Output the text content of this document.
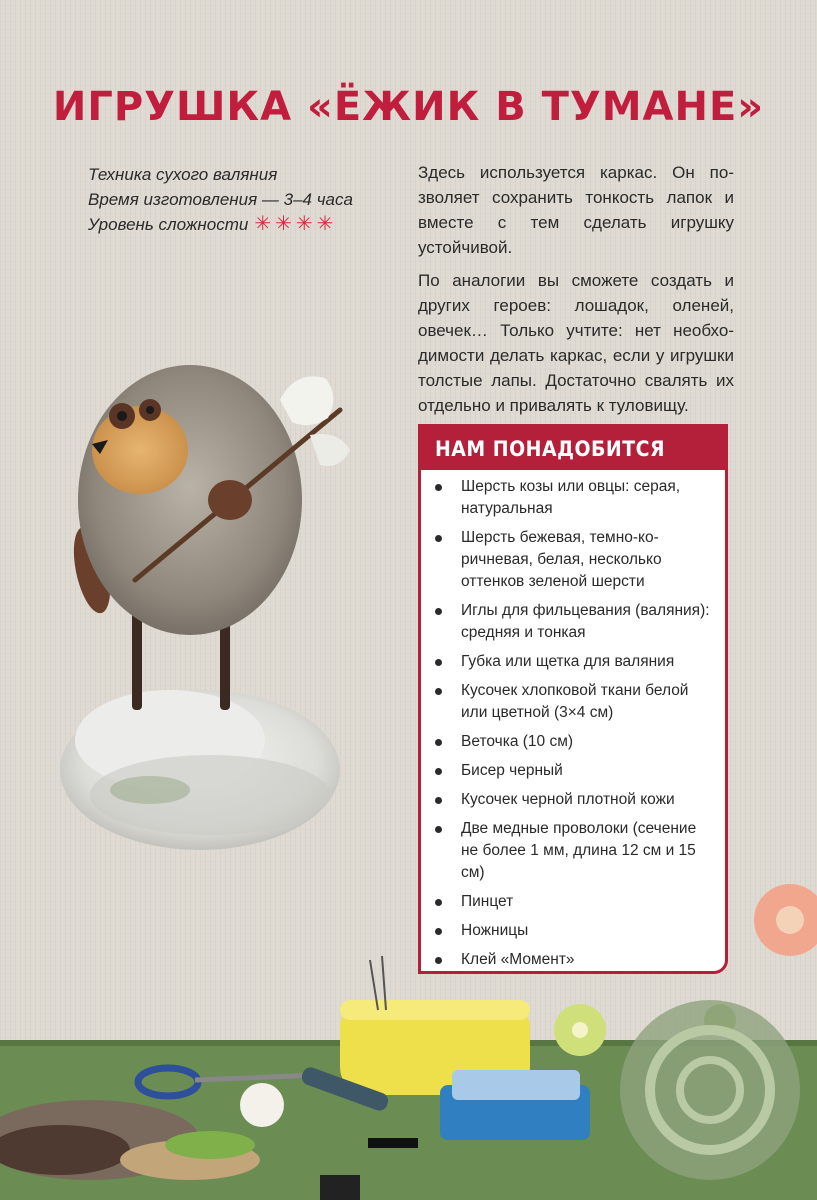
ИГРУШКА «ЁЖИК В ТУМАНЕ»
Техника сухого валяния
Время изготовления — 3–4 часа
Уровень сложности ✳✳✳✳

Здесь используется каркас. Он позволяет сохранить тонкость лапок и вместе с тем сделать игрушку устойчивой.

По аналогии вы сможете создать и других героев: лошадок, оленей, овечек… Только учтите: нет необходимости делать каркас, если у игрушки толстые лапы. Достаточно свалять их отдельно и привалять к туловищу.

НАМ ПОНАДОБИТСЯ
Шерсть козы или овцы: серая, натуральная
Шерсть бежевая, темно-коричневая, белая, несколько оттенков зеленой шерсти
Иглы для фильцевания (валяния): средняя и тонкая
Губка или щетка для валяния
Кусочек хлопковой ткани белой или цветной (3×4 см)
Веточка (10 см)
Бисер черный
Кусочек черной плотной кожи
Две медные проволоки (сечение не более 1 мм, длина 12 см и 15 см)
Пинцет
Ножницы
Клей «Момент»
